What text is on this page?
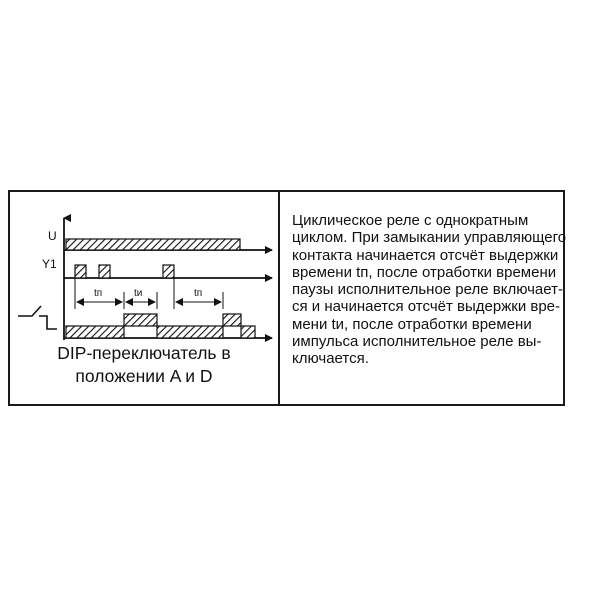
U
Y1
tп	tи	tп
DIP-переключатель в
положении A и D
Циклическое реле с однократным
циклом. При замыкании управляющего
контакта начинается отсчёт выдержки
времени tп, после отработки времени
паузы исполнительное реле включает-
ся и начинается отсчёт выдержки вре-
мени tи, после отработки времени
импульса исполнительное реле вы-
ключается.
